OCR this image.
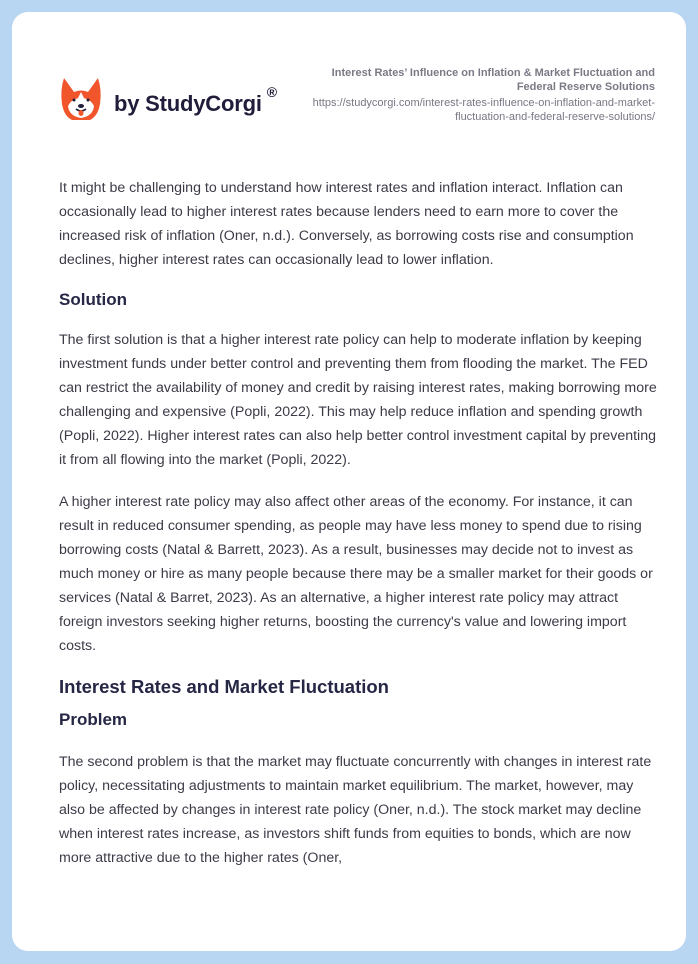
by StudyCorgi ®
Interest Rates’ Influence on Inflation & Market Fluctuation and Federal Reserve Solutions
https://studycorgi.com/interest-rates-influence-on-inflation-and-market-fluctuation-and-federal-reserve-solutions/

It might be challenging to understand how interest rates and inflation interact. Inflation can occasionally lead to higher interest rates because lenders need to earn more to cover the increased risk of inflation (Oner, n.d.). Conversely, as borrowing costs rise and consumption declines, higher interest rates can occasionally lead to lower inflation.

Solution

The first solution is that a higher interest rate policy can help to moderate inflation by keeping investment funds under better control and preventing them from flooding the market. The FED can restrict the availability of money and credit by raising interest rates, making borrowing more challenging and expensive (Popli, 2022). This may help reduce inflation and spending growth (Popli, 2022). Higher interest rates can also help better control investment capital by preventing it from all flowing into the market (Popli, 2022).

A higher interest rate policy may also affect other areas of the economy. For instance, it can result in reduced consumer spending, as people may have less money to spend due to rising borrowing costs (Natal & Barrett, 2023). As a result, businesses may decide not to invest as much money or hire as many people because there may be a smaller market for their goods or services (Natal & Barret, 2023). As an alternative, a higher interest rate policy may attract foreign investors seeking higher returns, boosting the currency's value and lowering import costs.

Interest Rates and Market Fluctuation
Problem

The second problem is that the market may fluctuate concurrently with changes in interest rate policy, necessitating adjustments to maintain market equilibrium. The market, however, may also be affected by changes in interest rate policy (Oner, n.d.). The stock market may decline when interest rates increase, as investors shift funds from equities to bonds, which are now more attractive due to the higher rates (Oner,
